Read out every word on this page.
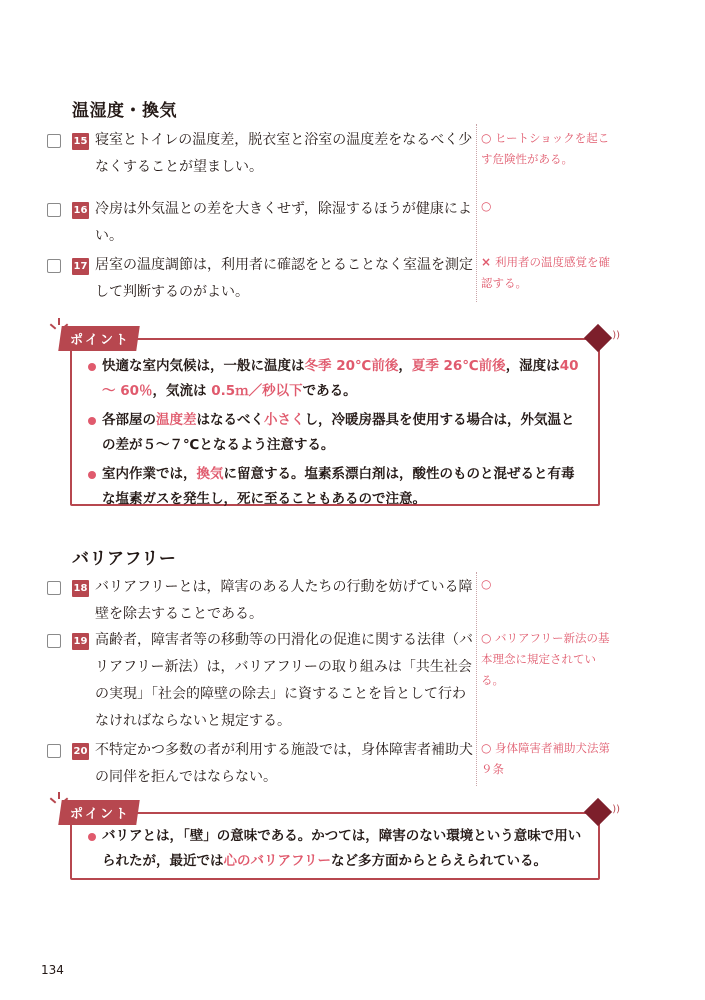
温湿度・換気
15 寝室とトイレの温度差，脱衣室と浴室の温度差をなるべく少なくすることが望ましい。
○ ヒートショックを起こす危険性がある。
16 冷房は外気温との差を大きくせず，除湿するほうが健康によい。
○
17 居室の温度調節は，利用者に確認をとることなく室温を測定して判断するのがよい。
× 利用者の温度感覚を確認する。
ポイント	))
快適な室内気候は，一般に温度は冬季 20℃前後，夏季 26℃前後，湿度は40 ～ 60％，気流は 0.5ｍ／秒以下である。
各部屋の温度差はなるべく小さくし，冷暖房器具を使用する場合は，外気温との差が５～７℃となるよう注意する。
室内作業では，換気に留意する。塩素系漂白剤は，酸性のものと混ぜると有毒な塩素ガスを発生し，死に至ることもあるので注意。
バリアフリー
18 バリアフリーとは，障害のある人たちの行動を妨げている障壁を除去することである。
○
19 高齢者，障害者等の移動等の円滑化の促進に関する法律（バリアフリー新法）は，バリアフリーの取り組みは「共生社会の実現」「社会的障壁の除去」に資することを旨として行わなければならないと規定する。
○ バリアフリー新法の基本理念に規定されている。
20 不特定かつ多数の者が利用する施設では，身体障害者補助犬の同伴を拒んではならない。
○ 身体障害者補助犬法第９条
ポイント	))
バリアとは，「壁」の意味である。かつては，障害のない環境という意味で用いられたが，最近では心のバリアフリーなど多方面からとらえられている。
134
